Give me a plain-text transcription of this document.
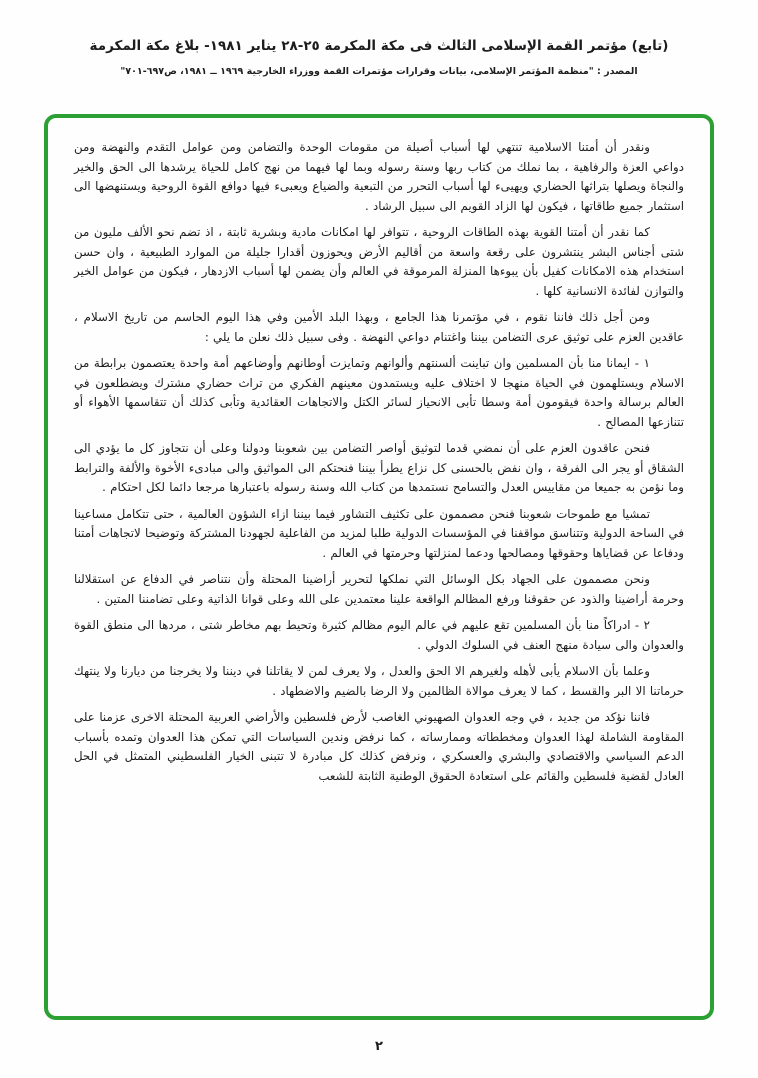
(تابع) مؤتمر القمة الإسلامى الثالث فى مكة المكرمة ٢٥-٢٨ يناير ١٩٨١- بلاغ مكة المكرمة
المصدر : "منظمة المؤتمر الإسلامى، بيانات وقرارات مؤتمرات القمة ووزراء الخارجية ١٩٦٩ ــ ١٩٨١، ص٦٩٧-٧٠١"

ونقدر أن أمتنا الاسلامية تنتهي لها أسباب أصيلة من مقومات الوحدة والتضامن ومن عوامل التقدم والنهضة ومن دواعي العزة والرفاهية ، بما نملك من كتاب ربها وسنة رسوله وبما لها فيهما من نهج كامل للحياة يرشدها الى الحق والخير والنجاة ويصلها بتراثها الحضاري ويهيىء لها أسباب التحرر من التبعية والضياع ويعبىء فيها دوافع القوة الروحية ويستنهضها الى استثمار جميع طاقاتها ، فيكون لها الزاد القويم الى سبيل الرشاد .

كما نقدر أن أمتنا القوية بهذه الطاقات الروحية ، تتوافر لها امكانات مادية وبشرية ثابتة ، اذ تضم نحو الألف مليون من شتى أجناس البشر ينتشرون على رقعة واسعة من أقاليم الأرض ويحوزون أقدارا جليلة من الموارد الطبيعية ، وان حسن استخدام هذه الامكانات كفيل بأن يبوءها المنزلة المرموقة في العالم وأن يضمن لها أسباب الازدهار ، فيكون من عوامل الخير والتوازن لفائدة الانسانية كلها .

ومن أجل ذلك فاننا نقوم ، في مؤتمرنا هذا الجامع ، وبهذا البلد الأمين وفي هذا اليوم الحاسم من تاريخ الاسلام ، عاقدين العزم على توثيق عرى التضامن بيننا واغتنام دواعي النهضة . وفى سبيل ذلك نعلن ما يلي :

١ - ايمانا منا بأن المسلمين وان تباينت ألسنتهم وألوانهم وتمايزت أوطانهم وأوضاعهم أمة واحدة يعتصمون برابطة من الاسلام ويستلهمون في الحياة منهجا لا اختلاف عليه ويستمدون معينهم الفكري من تراث حضاري مشترك ويضطلعون في العالم برسالة واحدة فيقومون أمة وسطا تأبى الانحياز لسائر الكتل والاتجاهات العقائدية وتأبى كذلك أن تتقاسمها الأهواء أو تتنازعها المصالح .

فنحن عاقدون العزم على أن نمضي قدما لتوثيق أواصر التضامن بين شعوبنا ودولنا وعلى أن نتجاوز كل ما يؤدي الى الشقاق أو يجر الى الفرقة ، وان نفض بالحسنى كل نزاع يطرأ بيننا فنحتكم الى المواثيق والى مبادىء الأخوة والألفة والترابط وما نؤمن به جميعا من مقاييس العدل والتسامح نستمدها من كتاب الله وسنة رسوله باعتبارها مرجعا دائما لكل احتكام .

تمشيا مع طموحات شعوبنا فنحن مصممون على تكثيف التشاور فيما بيننا ازاء الشؤون العالمية ، حتى تتكامل مساعينا في الساحة الدولية وتتناسق مواقفنا في المؤسسات الدولية طلبا لمزيد من الفاعلية لجهودنا المشتركة وتوضيحا لاتجاهات أمتنا ودفاعا عن قضاياها وحقوقها ومصالحها ودعما لمنزلتها وحرمتها في العالم .

ونحن مصممون على الجهاد بكل الوسائل التي نملكها لتحرير أراضينا المحتلة وأن نتناصر في الدفاع عن استقلالنا وحرمة أراضينا والذود عن حقوقنا ورفع المظالم الواقعة علينا معتمدين على الله وعلى قوانا الذاتية وعلى تضامننا المتين .

٢ - ادراكاً منا بأن المسلمين تقع عليهم في عالم اليوم مظالم كثيرة وتحيط بهم مخاطر شتى ، مردها الى منطق القوة والعدوان والى سيادة منهج العنف في السلوك الدولي .

وعلما بأن الاسلام يأبى لأهله ولغيرهم الا الحق والعدل ، ولا يعرف لمن لا يقاتلنا في ديننا ولا يخرجنا من ديارنا ولا ينتهك حرماتنا الا البر والقسط ، كما لا يعرف موالاة الظالمين ولا الرضا بالضيم والاضطهاد .

فاننا نؤكد من جديد ، في وجه العدوان الصهيوني الغاصب لأرض فلسطين والأراضي العربية المحتلة الاخرى عزمنا على المقاومة الشاملة لهذا العدوان ومخططاته وممارساته ، كما نرفض وندين السياسات التي تمكن هذا العدوان وتمده بأسباب الدعم السياسي والاقتصادي والبشري والعسكري ، ونرفض كذلك كل مبادرة لا تتبنى الخيار الفلسطيني المتمثل في الحل العادل لقضية فلسطين والقائم على استعادة الحقوق الوطنية الثابتة للشعب

٢
